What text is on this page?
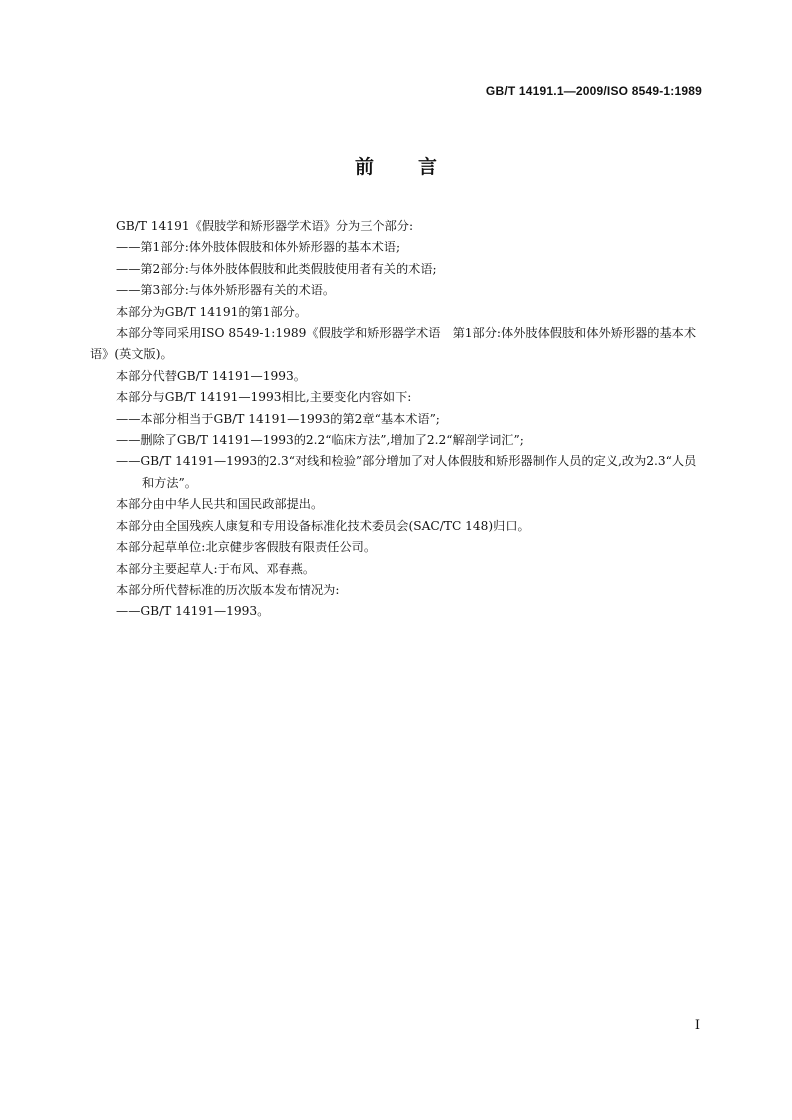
GB/T 14191.1—2009/ISO 8549-1:1989
前言

GB/T 14191《假肢学和矫形器学术语》分为三个部分:

——第1部分:体外肢体假肢和体外矫形器的基本术语;

——第2部分:与体外肢体假肢和此类假肢使用者有关的术语;

——第3部分:与体外矫形器有关的术语。

本部分为GB/T 14191的第1部分。

本部分等同采用ISO 8549-1:1989《假肢学和矫形器学术语　第1部分:体外肢体假肢和体外矫形器的基本术语》(英文版)。

本部分代替GB/T 14191—1993。

本部分与GB/T 14191—1993相比,主要变化内容如下:

——本部分相当于GB/T 14191—1993的第2章“基本术语”;

——删除了GB/T 14191—1993的2.2“临床方法”,增加了2.2“解剖学词汇”;

——GB/T 14191—1993的2.3“对线和检验”部分增加了对人体假肢和矫形器制作人员的定义,改为2.3“人员和方法”。

本部分由中华人民共和国民政部提出。

本部分由全国残疾人康复和专用设备标准化技术委员会(SAC/TC 148)归口。

本部分起草单位:北京健步客假肢有限责任公司。

本部分主要起草人:于布风、邓春燕。

本部分所代替标准的历次版本发布情况为:

——GB/T 14191—1993。

I
